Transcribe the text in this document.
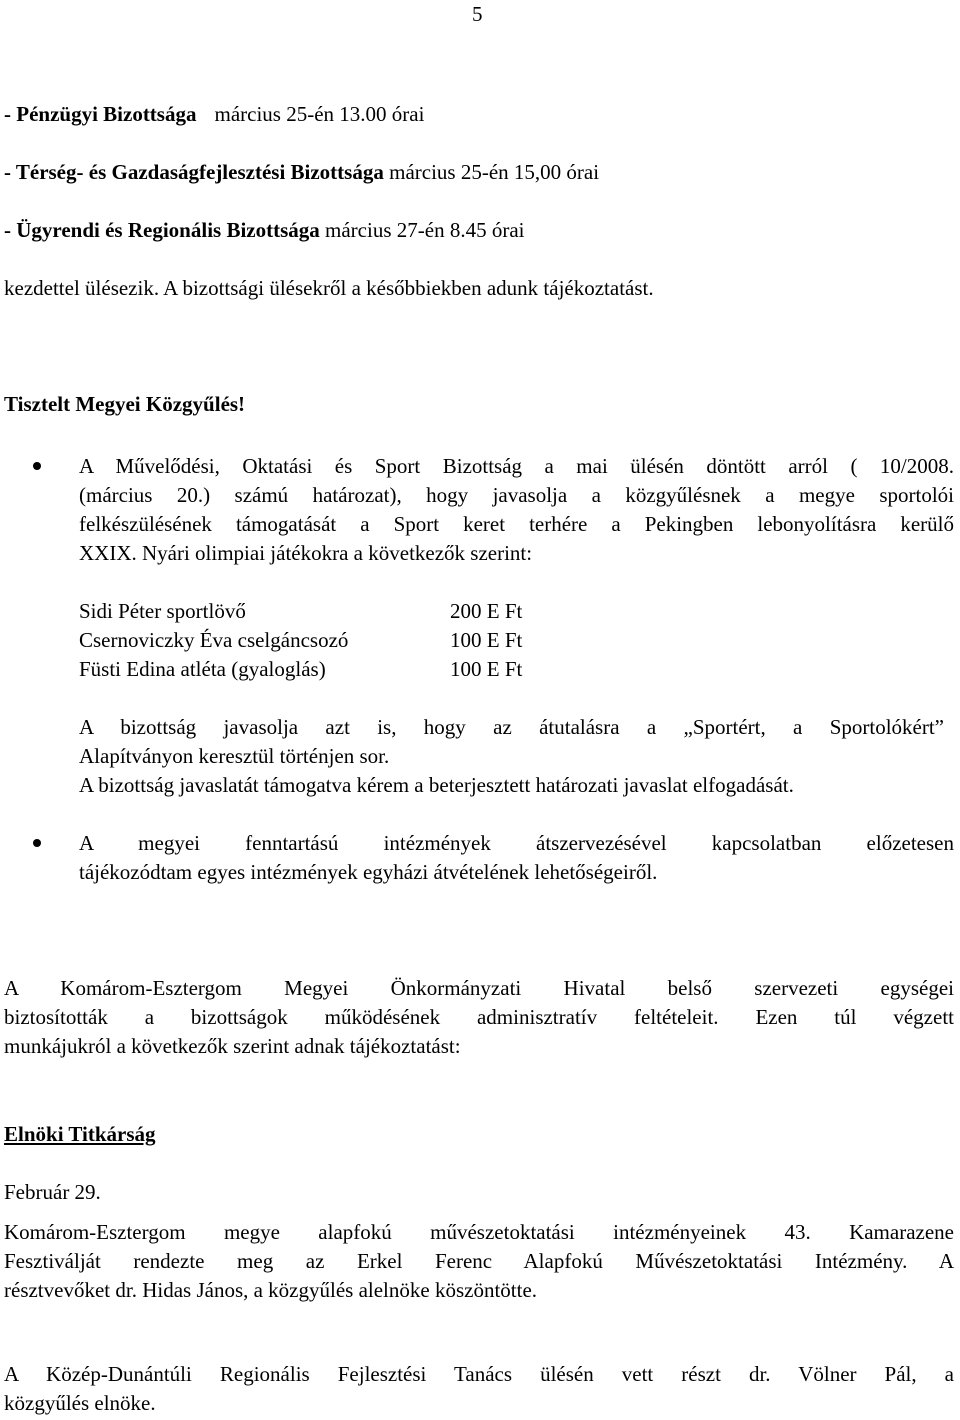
5
- Pénzügyi Bizottsága március 25-én 13.00 órai
- Térség- és Gazdaságfejlesztési Bizottsága március 25-én 15,00 órai
- Ügyrendi és Regionális Bizottsága március 27-én 8.45 órai
kezdettel ülésezik. A bizottsági ülésekről a későbbiekben adunk tájékoztatást.
Tisztelt Megyei Közgyűlés!
A Művelődési, Oktatási és Sport Bizottság a mai ülésén döntött arról ( 10/2008.
(március 20.) számú határozat), hogy javasolja a közgyűlésnek a megye sportolói
felkészülésének támogatását a Sport keret terhére a Pekingben lebonyolításra kerülő
XXIX. Nyári olimpiai játékokra a következők szerint:
Sidi Péter sportlövő	200 E Ft
Csernoviczky Éva cselgáncsozó	100 E Ft
Füsti Edina atléta (gyaloglás)	100 E Ft
A bizottság javasolja azt is, hogy az átutalásra a „Sportért, a Sportolókért”
Alapítványon keresztül történjen sor.
A bizottság javaslatát támogatva kérem a beterjesztett határozati javaslat elfogadását.
A megyei fenntartású intézmények átszervezésével kapcsolatban előzetesen
tájékozódtam egyes intézmények egyházi átvételének lehetőségeiről.
A Komárom-Esztergom Megyei Önkormányzati Hivatal belső szervezeti egységei
biztosították a bizottságok működésének adminisztratív feltételeit. Ezen túl végzett
munkájukról a következők szerint adnak tájékoztatást:
Elnöki Titkárság
Február 29.
Komárom-Esztergom megye alapfokú művészetoktatási intézményeinek 43. Kamarazene
Fesztiválját rendezte meg az Erkel Ferenc Alapfokú Művészetoktatási Intézmény. A
résztvevőket dr. Hidas János, a közgyűlés alelnöke köszöntötte.
A Közép-Dunántúli Regionális Fejlesztési Tanács ülésén vett részt dr. Völner Pál, a
közgyűlés elnöke.
